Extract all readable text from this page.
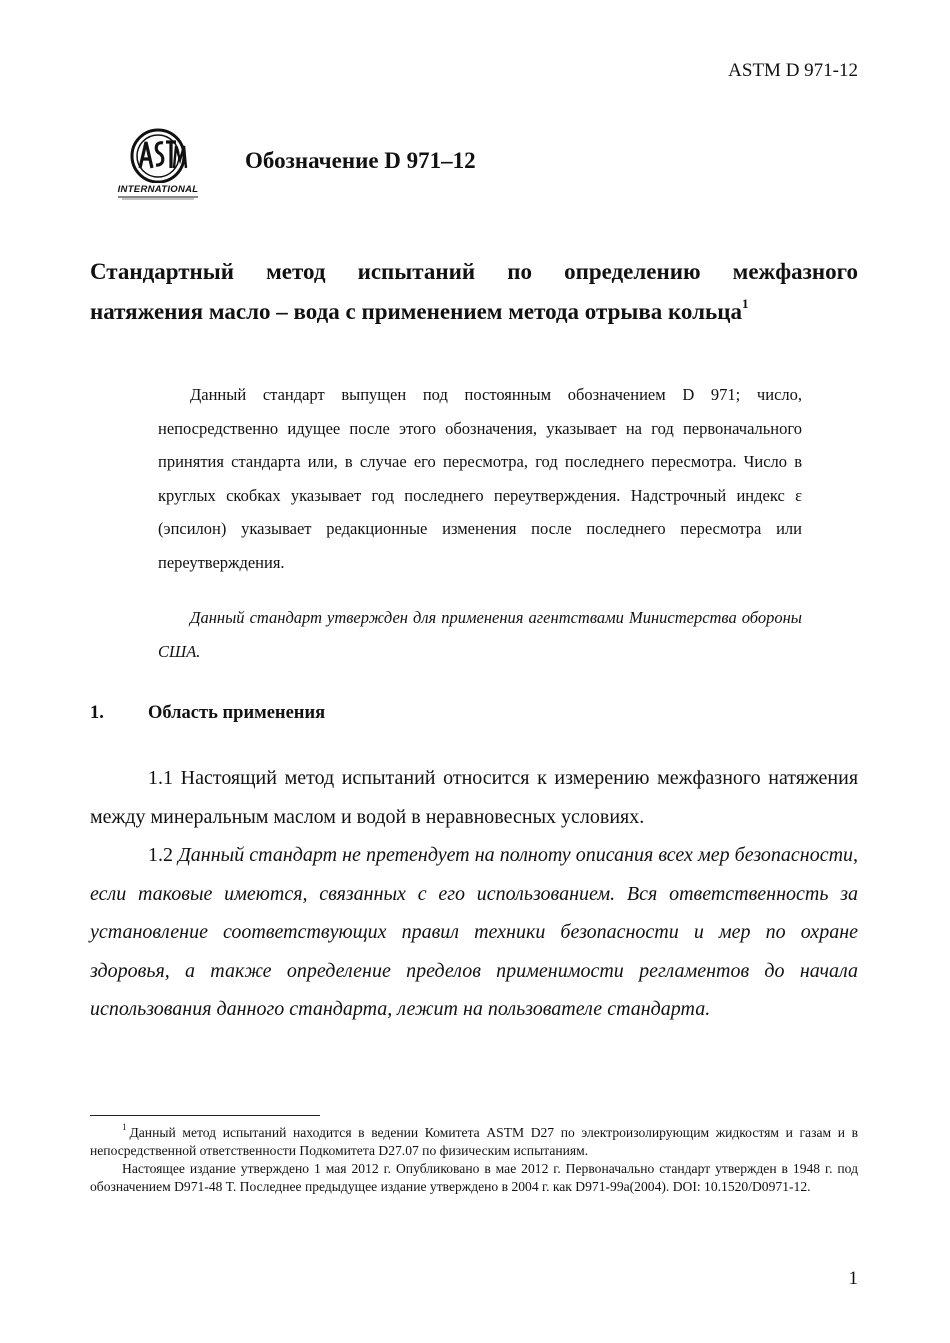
ASTM D 971-12
INTERNATIONAL
Обозначение D 971–12
Стандартный метод испытаний по определению межфазного
натяжения масло – вода с применением метода отрыва кольца$^1$
Данный стандарт выпущен под постоянным обозначением D 971; число, непосредственно идущее после этого обозначения, указывает на год первоначального принятия стандарта или, в случае его пересмотра, год последнего пересмотра. Число в круглых скобках указывает год последнего переутверждения. Надстрочный индекс ε (эпсилон) указывает редакционные изменения после последнего пересмотра или переутверждения.
Данный стандарт утвержден для применения агентствами Министерства обороны США.
1. Область применения
1.1 Настоящий метод испытаний относится к измерению межфазного натяжения между минеральным маслом и водой в неравновесных условиях.
1.2 Данный стандарт не претендует на полноту описания всех мер безопасности, если таковые имеются, связанных с его использованием. Вся ответственность за установление соответствующих правил техники безопасности и мер по охране здоровья, а также определение пределов применимости регламентов до начала использования данного стандарта, лежит на пользователе стандарта.
$^1$ Данный метод испытаний находится в ведении Комитета ASTM D27 по электроизолирующим жидкостям и газам и в непосредственной ответственности Подкомитета D27.07 по физическим испытаниям.
Настоящее издание утверждено 1 мая 2012 г. Опубликовано в мае 2012 г. Первоначально стандарт утвержден в 1948 г. под обозначением D971-48 T. Последнее предыдущее издание утверждено в 2004 г. как D971-99a(2004). DOI: 10.1520/D0971-12.
1
